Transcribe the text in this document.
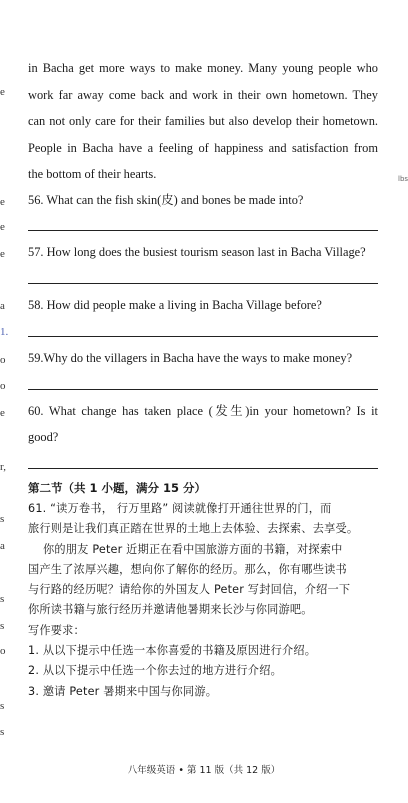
e
e
e
e
a
1.
o
o
e
r,
s
a
s
s
o
s
s
lbs
in Bacha get more ways to make money. Many young people who
work far away come back and work in their own hometown. They
can not only care for their families but also develop their hometown.
People in Bacha have a feeling of happiness and satisfaction from
the bottom of their hearts.
56. What can the fish skin(皮) and bones be made into?
57. How long does the busiest tourism season last in Bacha Village?
58. How did people make a living in Bacha Village before?
59.Why do the villagers in Bacha have the ways to make money?
60. What change has taken place (发生)in your hometown? Is it
good?
第二节（共 1 小题，满分 15 分）
61. “读万卷书， 行万里路” 阅读就像打开通往世界的门，而
旅行则是让我们真正踏在世界的土地上去体验、去探索、去享受。
你的朋友 Peter 近期正在看中国旅游方面的书籍，对探索中
国产生了浓厚兴趣，想向你了解你的经历。那么，你有哪些读书
与行路的经历呢？请给你的外国友人 Peter 写封回信，介绍一下
你所读书籍与旅行经历并邀请他暑期来长沙与你同游吧。
写作要求：
1. 从以下提示中任选一本你喜爱的书籍及原因进行介绍。
2. 从以下提示中任选一个你去过的地方进行介绍。
3. 邀请 Peter 暑期来中国与你同游。
八年级英语 • 第 11 版（共 12 版）
